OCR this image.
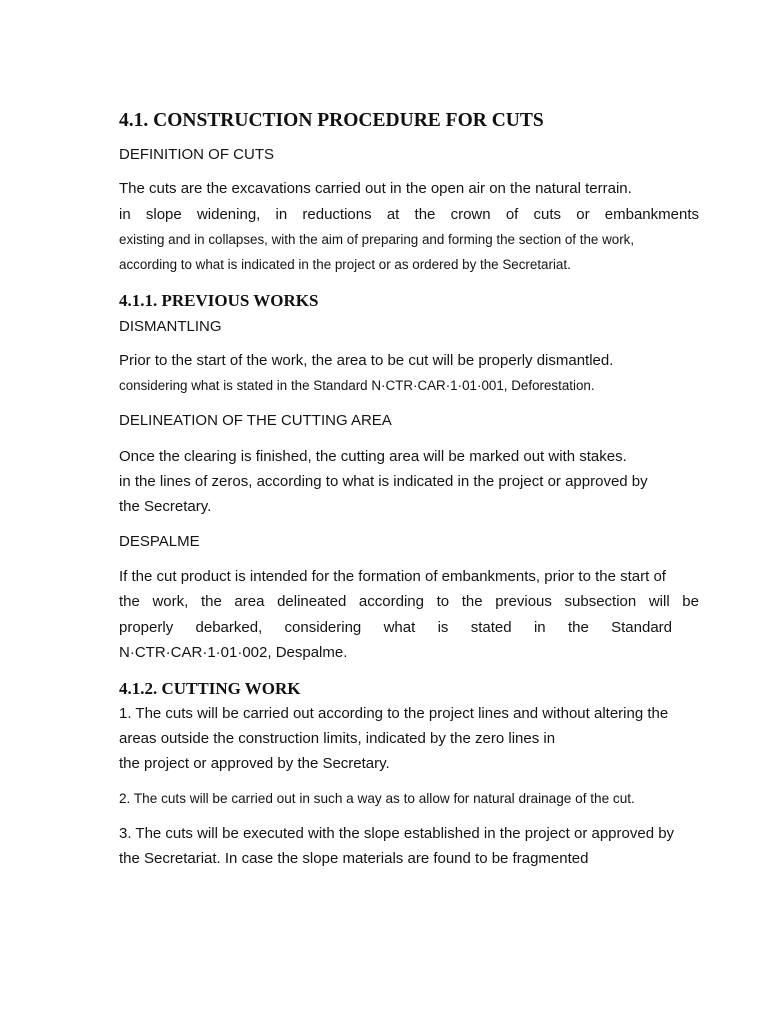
4.1. CONSTRUCTION PROCEDURE FOR CUTS
DEFINITION OF CUTS
The cuts are the excavations carried out in the open air on the natural terrain.
in slope widening, in reductions at the crown of cuts or embankments
existing and in collapses, with the aim of preparing and forming the section of the work,
according to what is indicated in the project or as ordered by the Secretariat.
4.1.1. PREVIOUS WORKS
DISMANTLING
Prior to the start of the work, the area to be cut will be properly dismantled.
considering what is stated in the Standard N·CTR·CAR·1·01·001, Deforestation.
DELINEATION OF THE CUTTING AREA
Once the clearing is finished, the cutting area will be marked out with stakes.
in the lines of zeros, according to what is indicated in the project or approved by
the Secretary.
DESPALME
If the cut product is intended for the formation of embankments, prior to the start of
the work, the area delineated according to the previous subsection will be
properly debarked, considering what is stated in the Standard
N·CTR·CAR·1·01·002, Despalme.
4.1.2. CUTTING WORK
1. The cuts will be carried out according to the project lines and without altering the
areas outside the construction limits, indicated by the zero lines in
the project or approved by the Secretary.
2. The cuts will be carried out in such a way as to allow for natural drainage of the cut.
3. The cuts will be executed with the slope established in the project or approved by
the Secretariat. In case the slope materials are found to be fragmented
